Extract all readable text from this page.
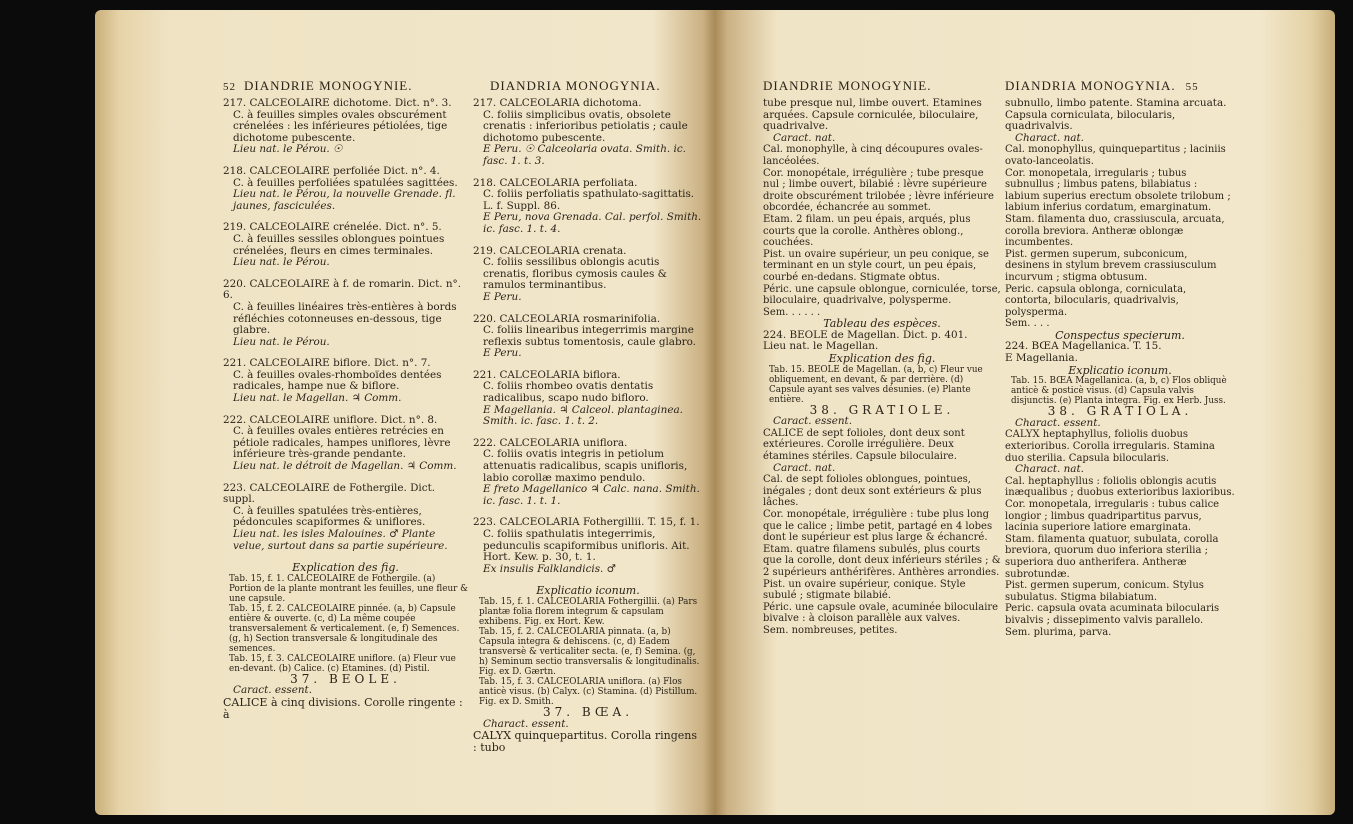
52 DIANDRIE MONOGYNIE.	DIANDRIA MONOGYNIA.

217. CALCEOLAIRE dichotome. Dict. n°. 3.

C. à feuilles simples ovales obscurément crénelées : les inférieures pétiolées, tige dichotome pubescente.

Lieu nat. le Pérou. ☉

218. CALCEOLAIRE perfoliée Dict. n°. 4.

C. à feuilles perfoliées spatulées sagittées.

Lieu nat. le Pérou, la nouvelle Grenade. fl. jaunes, fasciculées.

219. CALCEOLAIRE crénelée. Dict. n°. 5.

C. à feuilles sessiles oblongues pointues crénelées, fleurs en cimes terminales.

Lieu nat. le Pérou.

220. CALCEOLAIRE à f. de romarin. Dict. n°. 6.

C. à feuilles linéaires très-entières à bords réfléchies cotonneuses en-dessous, tige glabre.

Lieu nat. le Pérou.

221. CALCEOLAIRE biflore. Dict. n°. 7.

C. à feuilles ovales-rhomboïdes dentées radicales, hampe nue & biflore.

Lieu nat. le Magellan. ♃ Comm.

222. CALCEOLAIRE uniflore. Dict. n°. 8.

C. à feuilles ovales entières retrécies en pétiole radicales, hampes uniflores, lèvre inférieure très-grande pendante.

Lieu nat. le détroit de Magellan. ♃ Comm.

223. CALCEOLAIRE de Fothergile. Dict. suppl.

C. à feuilles spatulées très-entières, pédoncules scapiformes & uniflores.

Lieu nat. les isles Malouines. ♂ Plante velue, surtout dans sa partie supérieure.

Explication des fig.

Tab. 15, f. 1. CALCEOLAIRE de Fothergile. (a) Portion de la plante montrant les feuilles, une fleur & une capsule.

Tab. 15, f. 2. CALCEOLAIRE pinnée. (a, b) Capsule entière & ouverte. (c, d) La même coupée transversalement & verticalement. (e, f) Semences. (g, h) Section transversale & longitudinale des semences.

Tab. 15, f. 3. CALCEOLAIRE uniflore. (a) Fleur vue en-devant. (b) Calice. (c) Etamines. (d) Pistil.

37. BEOLE.

Caract. essent.

CALICE à cinq divisions. Corolle ringente : à

217. CALCEOLARIA dichotoma.

C. foliis simplicibus ovatis, obsolete crenatis : inferioribus petiolatis ; caule dichotomo pubescente.

E Peru. ☉ Calceolaria ovata. Smith. ic. fasc. 1. t. 3.

218. CALCEOLARIA perfoliata.

C. foliis perfoliatis spathulato-sagittatis. L. f. Suppl. 86.

E Peru, nova Grenada. Cal. perfol. Smith. ic. fasc. 1. t. 4.

219. CALCEOLARIA crenata.

C. foliis sessilibus oblongis acutis crenatis, floribus cymosis caules & ramulos terminantibus.

E Peru.

220. CALCEOLARIA rosmarinifolia.

C. foliis linearibus integerrimis margine reflexis subtus tomentosis, caule glabro.

E Peru.

221. CALCEOLARIA biflora.

C. foliis rhombeo ovatis dentatis radicalibus, scapo nudo bifloro.

E Magellania. ♃ Calceol. plantaginea. Smith. ic. fasc. 1. t. 2.

222. CALCEOLARIA uniflora.

C. foliis ovatis integris in petiolum attenuatis radicalibus, scapis unifloris, labio corollæ maximo pendulo.

E freto Magellanico ♃ Calc. nana. Smith. ic. fasc. 1. t. 1.

223. CALCEOLARIA Fothergillii. T. 15, f. 1.

C. foliis spathulatis integerrimis, pedunculis scapiformibus unifloris. Ait. Hort. Kew. p. 30, t. 1.

Ex insulis Falklandicis. ♂

Explicatio iconum.

Tab. 15, f. 1. CALCEOLARIA Fothergillii. (a) Pars plantæ folia florem integrum & capsulam exhibens. Fig. ex Hort. Kew.

Tab. 15, f. 2. CALCEOLARIA pinnata. (a, b) Capsula integra & dehiscens. (c, d) Eadem transversè & verticaliter secta. (e, f) Semina. (g, h) Seminum sectio transversalis & longitudinalis. Fig. ex D. Gærtn.

Tab. 15, f. 3. CALCEOLARIA uniflora. (a) Flos anticè visus. (b) Calyx. (c) Stamina. (d) Pistillum. Fig. ex D. Smith.

37. BŒA.

Charact. essent.

CALYX quinquepartitus. Corolla ringens : tubo

DIANDRIE MONOGYNIE.	DIANDRIA MONOGYNIA. 55

tube presque nul, limbe ouvert. Etamines arquées. Capsule corniculée, biloculaire, quadrivalve.

Caract. nat.

Cal. monophylle, à cinq découpures ovales-lancéolées.

Cor. monopétale, irrégulière ; tube presque nul ; limbe ouvert, bilabié : lèvre supérieure droite obscurément trilobée ; lèvre inférieure obcordée, échancrée au sommet.

Etam. 2 filam. un peu épais, arqués, plus courts que la corolle. Anthères oblong., couchées.

Pist. un ovaire supérieur, un peu conique, se terminant en un style court, un peu épais, courbé en-dedans. Stigmate obtus.

Péric. une capsule oblongue, corniculée, torse, biloculaire, quadrivalve, polysperme.

Sem. . . . . .

Tableau des espèces.

224. BEOLE de Magellan. Dict. p. 401.

Lieu nat. le Magellan.

Explication des fig.

Tab. 15. BEOLE de Magellan. (a, b, c) Fleur vue obliquement, en devant, & par derrière. (d) Capsule ayant ses valves désunies. (e) Plante entière.

38. GRATIOLE.

Caract. essent.

CALICE de sept folioles, dont deux sont extérieures. Corolle irrégulière. Deux étamines stériles. Capsule biloculaire.

Caract. nat.

Cal. de sept folioles oblongues, pointues, inégales ; dont deux sont extérieurs & plus lâches.

Cor. monopétale, irrégulière : tube plus long que le calice ; limbe petit, partagé en 4 lobes dont le supérieur est plus large & échancré.

Etam. quatre filamens subulés, plus courts que la corolle, dont deux inférieurs stériles ; & 2 supérieurs anthérifères. Anthères arrondies.

Pist. un ovaire supérieur, conique. Style subulé ; stigmate bilabié.

Péric. une capsule ovale, acuminée biloculaire bivalve : à cloison parallèle aux valves.

Sem. nombreuses, petites.

subnullo, limbo patente. Stamina arcuata. Capsula corniculata, bilocularis, quadrivalvis.

Charact. nat.

Cal. monophyllus, quinquepartitus ; laciniis ovato-lanceolatis.

Cor. monopetala, irregularis ; tubus subnullus ; limbus patens, bilabiatus : labium superius erectum obsolete trilobum ; labium inferius cordatum, emarginatum.

Stam. filamenta duo, crassiuscula, arcuata, corolla breviora. Antheræ oblongæ incumbentes.

Pist. germen superum, subconicum, desinens in stylum brevem crassiusculum incurvum ; stigma obtusum.

Peric. capsula oblonga, corniculata, contorta, bilocularis, quadrivalvis, polysperma.

Sem. . . .

Conspectus specierum.

224. BŒA Magellanica. T. 15.

E Magellania.

Explicatio iconum.

Tab. 15. BŒA Magellanica. (a, b, c) Flos obliquè anticè & posticè visus. (d) Capsula valvis disjunctis. (e) Planta integra. Fig. ex Herb. Juss.

38. GRATIOLA.

Charact. essent.

CALYX heptaphyllus, foliolis duobus exterioribus. Corolla irregularis. Stamina duo sterilia. Capsula bilocularis.

Charact. nat.

Cal. heptaphyllus : foliolis oblongis acutis inæqualibus ; duobus exterioribus laxioribus.

Cor. monopetala, irregularis : tubus calice longior ; limbus quadripartitus parvus, lacinia superiore latiore emarginata.

Stam. filamenta quatuor, subulata, corolla breviora, quorum duo inferiora sterilia ; superiora duo antherifera. Antheræ subrotundæ.

Pist. germen superum, conicum. Stylus subulatus. Stigma bilabiatum.

Peric. capsula ovata acuminata bilocularis bivalvis ; dissepimento valvis parallelo.

Sem. plurima, parva.
